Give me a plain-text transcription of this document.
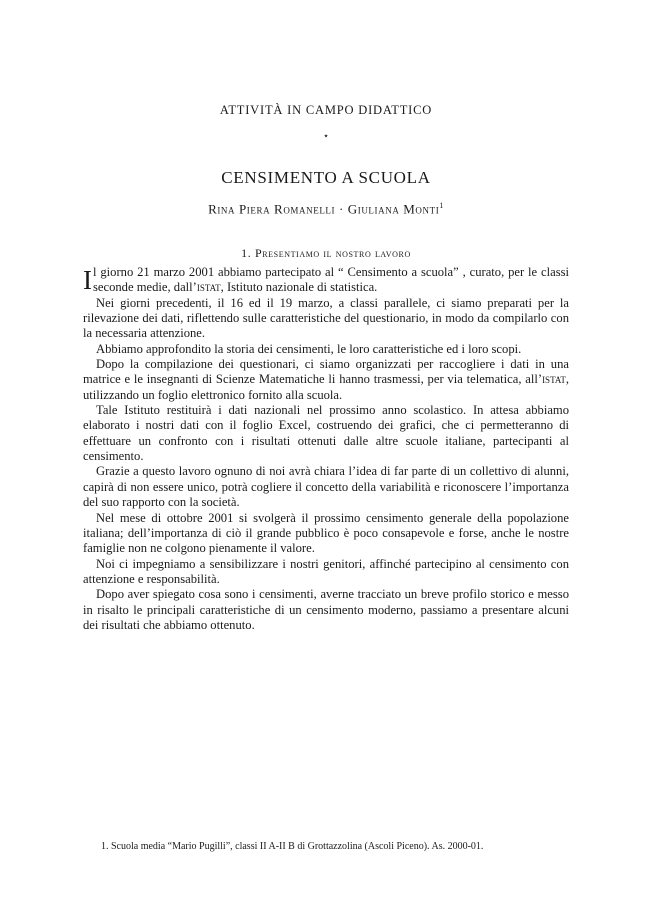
ATTIVITÀ IN CAMPO DIDATTICO
⋆
CENSIMENTO A SCUOLA
Rina Piera Romanelli · Giuliana Monti$^1$
1. Presentiamo il nostro lavoro

Il giorno 21 marzo 2001 abbiamo partecipato al “ Censimento a scuola” , curato, per le classi seconde medie, dall’istat, Istituto nazionale di statistica.

Nei giorni precedenti, il 16 ed il 19 marzo, a classi parallele, ci siamo preparati per la rilevazione dei dati, riflettendo sulle caratteristiche del questionario, in modo da compilarlo con la necessaria attenzione.

Abbiamo approfondito la storia dei censimenti, le loro caratteristiche ed i loro scopi.

Dopo la compilazione dei questionari, ci siamo organizzati per raccogliere i dati in una matrice e le insegnanti di Scienze Matematiche li hanno trasmessi, per via telematica, all’istat, utilizzando un foglio elettronico fornito alla scuola.

Tale Istituto restituirà i dati nazionali nel prossimo anno scolastico. In attesa abbiamo elaborato i nostri dati con il foglio Excel, costruendo dei grafici, che ci permetteranno di effettuare un confronto con i risultati ottenuti dalle altre scuole italiane, partecipanti al censimento.

Grazie a questo lavoro ognuno di noi avrà chiara l’idea di far parte di un collettivo di alunni, capirà di non essere unico, potrà cogliere il concetto della variabilità e riconoscere l’importanza del suo rapporto con la società.

Nel mese di ottobre 2001 si svolgerà il prossimo censimento generale della popolazione italiana; dell’importanza di ciò il grande pubblico è poco consapevole e forse, anche le nostre famiglie non ne colgono pienamente il valore.

Noi ci impegniamo a sensibilizzare i nostri genitori, affinché partecipino al censimento con attenzione e responsabilità.

Dopo aver spiegato cosa sono i censimenti, averne tracciato un breve profilo storico e messo in risalto le principali caratteristiche di un censimento moderno, passiamo a presentare alcuni dei risultati che abbiamo ottenuto.

1. Scuola media “Mario Pugilli”, classi II A-II B di Grottazzolina (Ascoli Piceno). As. 2000-01.
